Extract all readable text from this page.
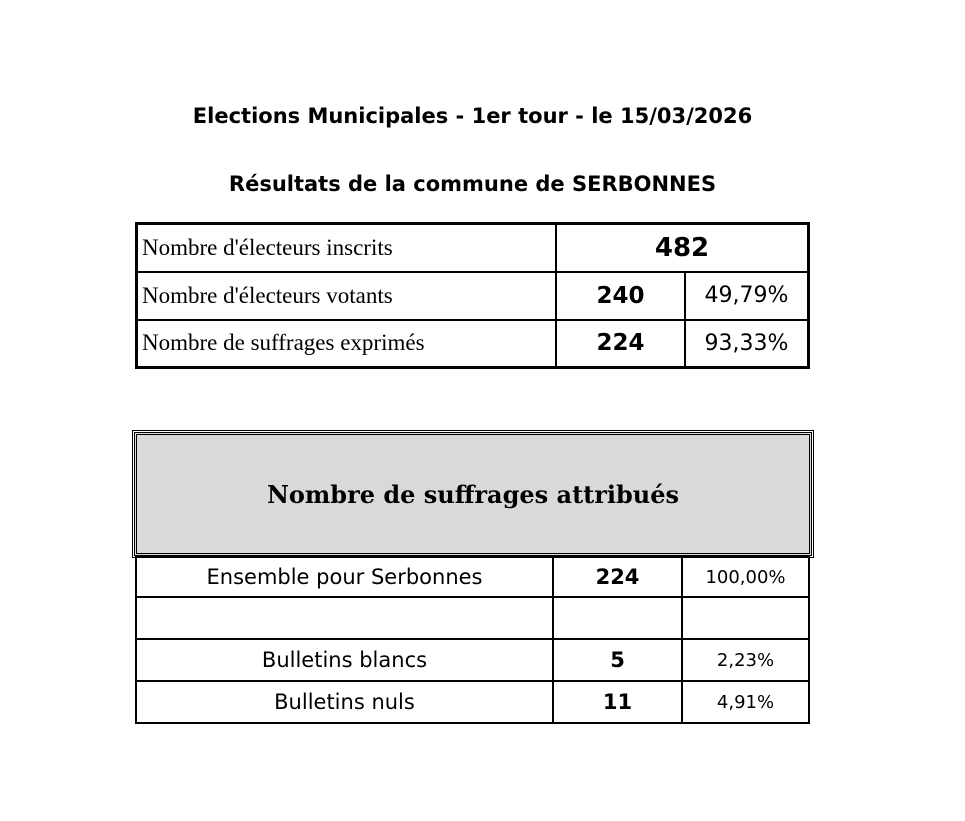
Elections Municipales - 1er tour - le 15/03/2026
Résultats de la commune de SERBONNES
Nombre d'électeurs inscrits	482	
Nombre d'électeurs votants	240	49,79%
Nombre de suffrages exprimés	224	93,33%
Nombre de suffrages attribués
Ensemble pour Serbonnes	224	100,00%

Bulletins blancs	5	2,23%
Bulletins nuls	11	4,91%
